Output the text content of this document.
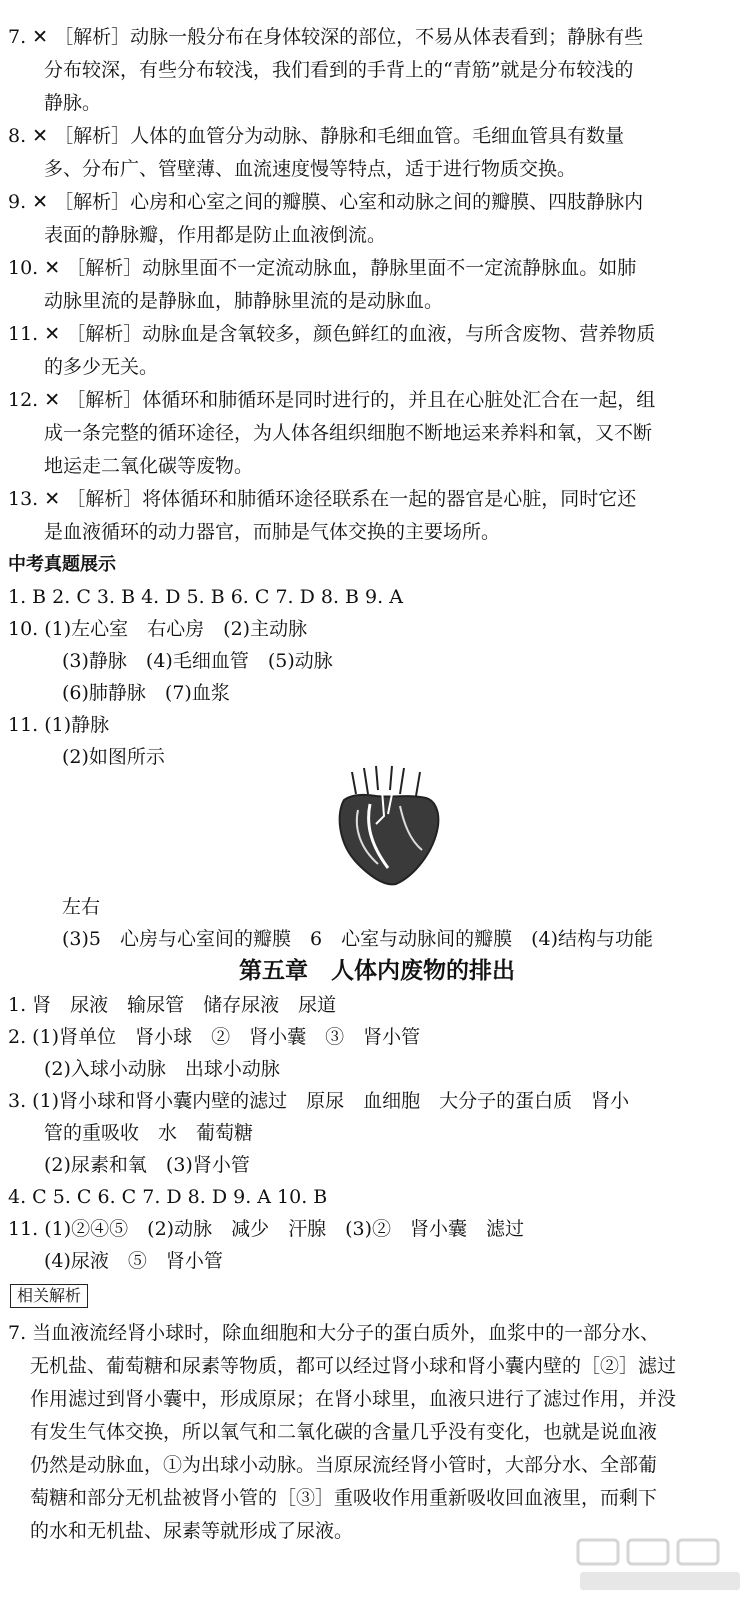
7. ✕ ［解析］动脉一般分布在身体较深的部位，不易从体表看到；静脉有些
分布较深，有些分布较浅，我们看到的手背上的“青筋”就是分布较浅的
静脉。
8. ✕ ［解析］人体的血管分为动脉、静脉和毛细血管。毛细血管具有数量
多、分布广、管壁薄、血流速度慢等特点，适于进行物质交换。
9. ✕ ［解析］心房和心室之间的瓣膜、心室和动脉之间的瓣膜、四肢静脉内
表面的静脉瓣，作用都是防止血液倒流。
10. ✕ ［解析］动脉里面不一定流动脉血，静脉里面不一定流静脉血。如肺
动脉里流的是静脉血，肺静脉里流的是动脉血。
11. ✕ ［解析］动脉血是含氧较多，颜色鲜红的血液，与所含废物、营养物质
的多少无关。
12. ✕ ［解析］体循环和肺循环是同时进行的，并且在心脏处汇合在一起，组
成一条完整的循环途径，为人体各组织细胞不断地运来养料和氧，又不断
地运走二氧化碳等废物。
13. ✕ ［解析］将体循环和肺循环途径联系在一起的器官是心脏，同时它还
是血液循环的动力器官，而肺是气体交换的主要场所。
中考真题展示
1. B 2. C 3. B 4. D 5. B 6. C 7. D 8. B 9. A
10. (1)左心室　右心房　(2)主动脉
(3)静脉　(4)毛细血管　(5)动脉
(6)肺静脉　(7)血浆
11. (1)静脉
(2)如图所示
左右
(3)5　心房与心室间的瓣膜　6　心室与动脉间的瓣膜　(4)结构与功能
第五章　人体内废物的排出
1. 肾　尿液　输尿管　储存尿液　尿道
2. (1)肾单位　肾小球　②　肾小囊　③　肾小管
(2)入球小动脉　出球小动脉
3. (1)肾小球和肾小囊内壁的滤过　原尿　血细胞　大分子的蛋白质　肾小
管的重吸收　水　葡萄糖
(2)尿素和氧　(3)肾小管
4. C 5. C 6. C 7. D 8. D 9. A 10. B
11. (1)②④⑤　(2)动脉　减少　汗腺　(3)②　肾小囊　滤过
(4)尿液　⑤　肾小管
相关解析
7. 当血液流经肾小球时，除血细胞和大分子的蛋白质外，血浆中的一部分水、
无机盐、葡萄糖和尿素等物质，都可以经过肾小球和肾小囊内壁的［②］滤过
作用滤过到肾小囊中，形成原尿；在肾小球里，血液只进行了滤过作用，并没
有发生气体交换，所以氧气和二氧化碳的含量几乎没有变化，也就是说血液
仍然是动脉血，①为出球小动脉。当原尿流经肾小管时，大部分水、全部葡
萄糖和部分无机盐被肾小管的［③］重吸收作用重新吸收回血液里，而剩下
的水和无机盐、尿素等就形成了尿液。
